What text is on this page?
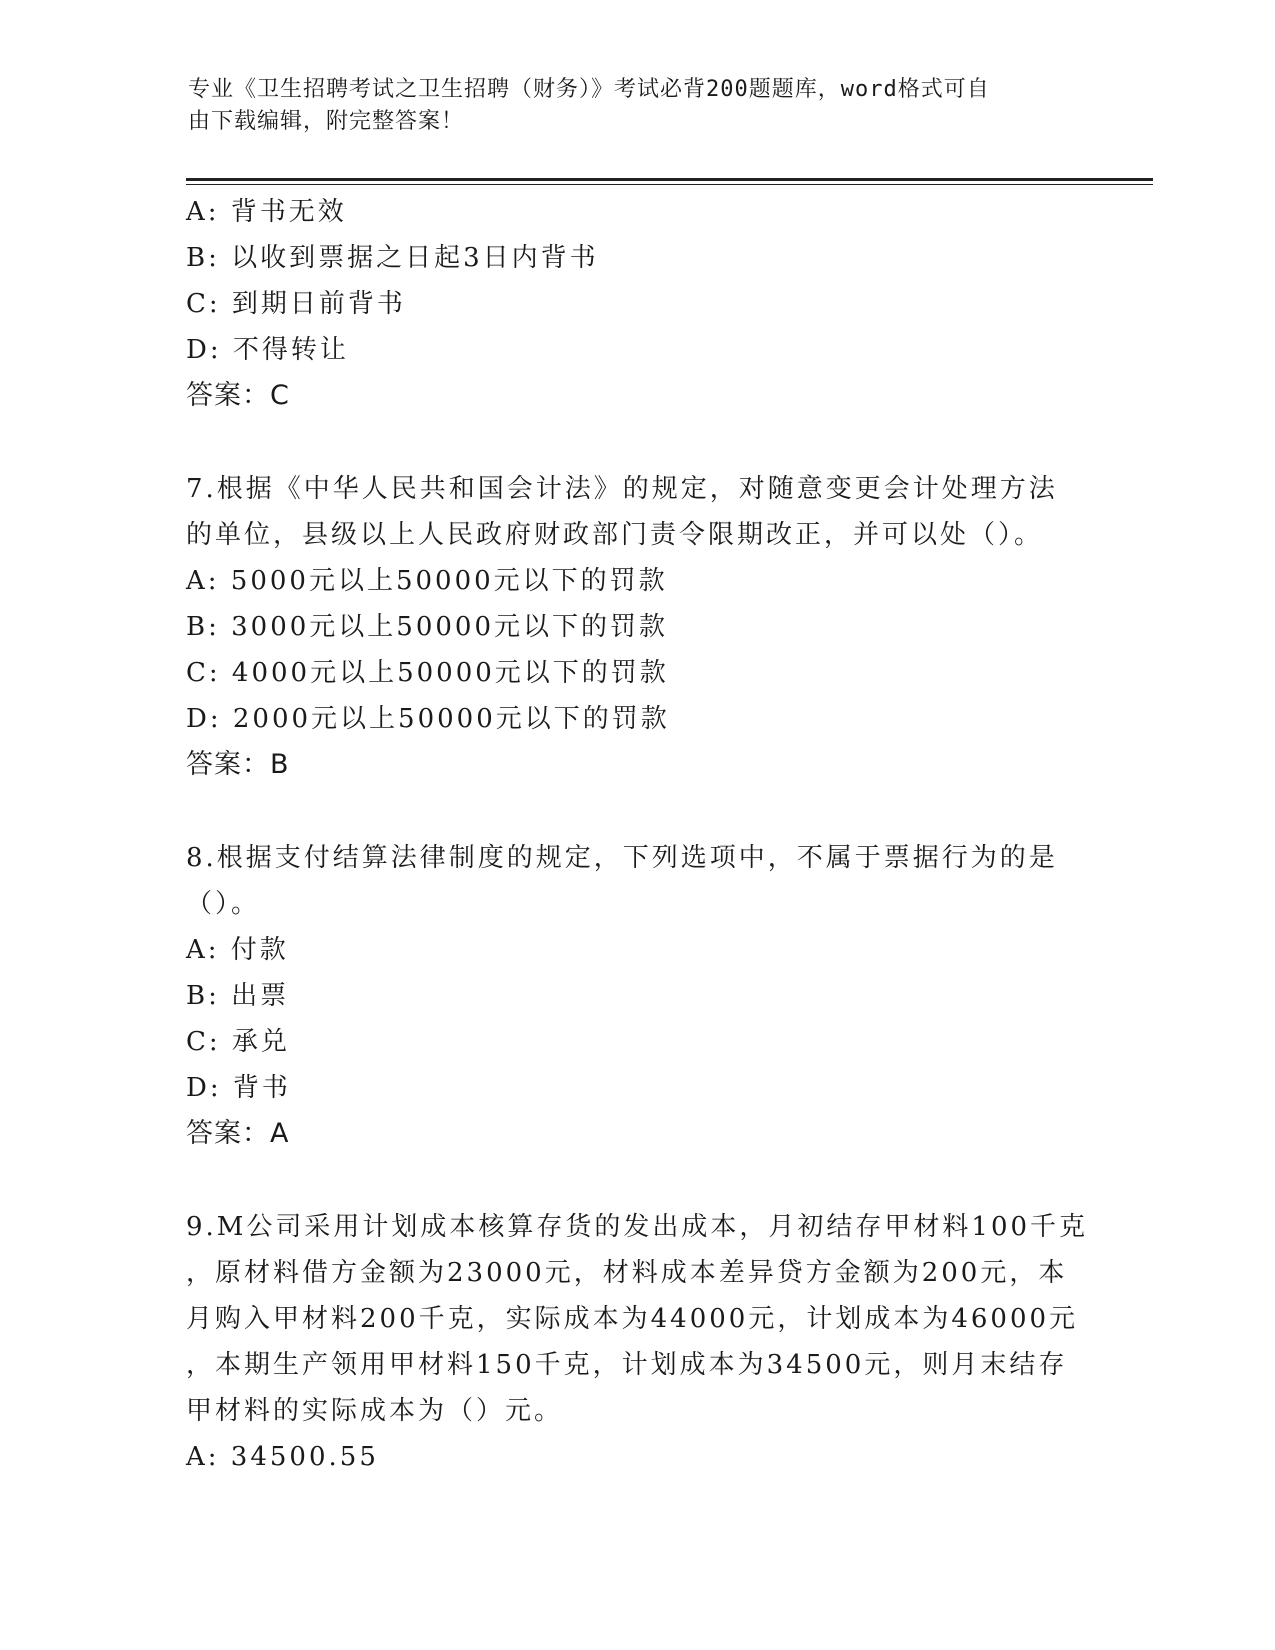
专业《卫生招聘考试之卫生招聘（财务）》考试必背200题题库，word格式可自
由下载编辑，附完整答案！
A: 背书无效
B: 以收到票据之日起3日内背书
C: 到期日前背书
D: 不得转让
答案：C
7.根据《中华人民共和国会计法》的规定，对随意变更会计处理方法
的单位，县级以上人民政府财政部门责令限期改正，并可以处（）。
A: 5000元以上50000元以下的罚款
B: 3000元以上50000元以下的罚款
C: 4000元以上50000元以下的罚款
D: 2000元以上50000元以下的罚款
答案：B
8.根据支付结算法律制度的规定，下列选项中，不属于票据行为的是
（）。
A: 付款
B: 出票
C: 承兑
D: 背书
答案：A
9.M公司采用计划成本核算存货的发出成本，月初结存甲材料100千克
，原材料借方金额为23000元，材料成本差异贷方金额为200元，本
月购入甲材料200千克，实际成本为44000元，计划成本为46000元
，本期生产领用甲材料150千克，计划成本为34500元，则月末结存
甲材料的实际成本为（）元。
A: 34500.55
